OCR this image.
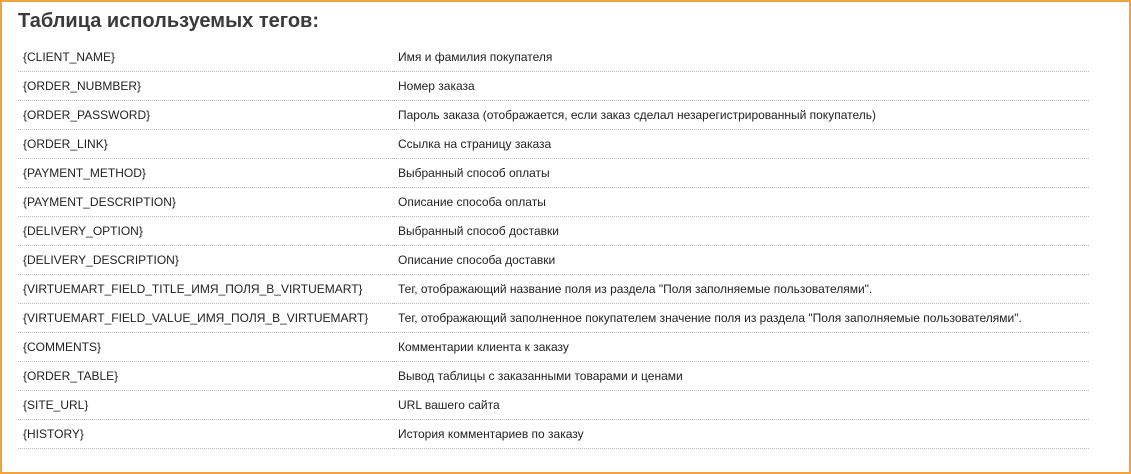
Таблица используемых тегов:
{CLIENT_NAME}	Имя и фамилия покупателя
{ORDER_NUBMBER}	Номер заказа
{ORDER_PASSWORD}	Пароль заказа (отображается, если заказ сделал незарегистрированный покупатель)
{ORDER_LINK}	Ссылка на страницу заказа
{PAYMENT_METHOD}	Выбранный способ оплаты
{PAYMENT_DESCRIPTION}	Описание способа оплаты
{DELIVERY_OPTION}	Выбранный способ доставки
{DELIVERY_DESCRIPTION}	Описание способа доставки
{VIRTUEMART_FIELD_TITLE_ИМЯ_ПОЛЯ_В_VIRTUEMART}	Тег, отображающий название поля из раздела "Поля заполняемые пользователями".
{VIRTUEMART_FIELD_VALUE_ИМЯ_ПОЛЯ_В_VIRTUEMART}	Тег, отображающий заполненное покупателем значение поля из раздела "Поля заполняемые пользователями".
{COMMENTS}	Комментарии клиента к заказу
{ORDER_TABLE}	Вывод таблицы с заказанными товарами и ценами
{SITE_URL}	URL вашего сайта
{HISTORY}	История комментариев по заказу
